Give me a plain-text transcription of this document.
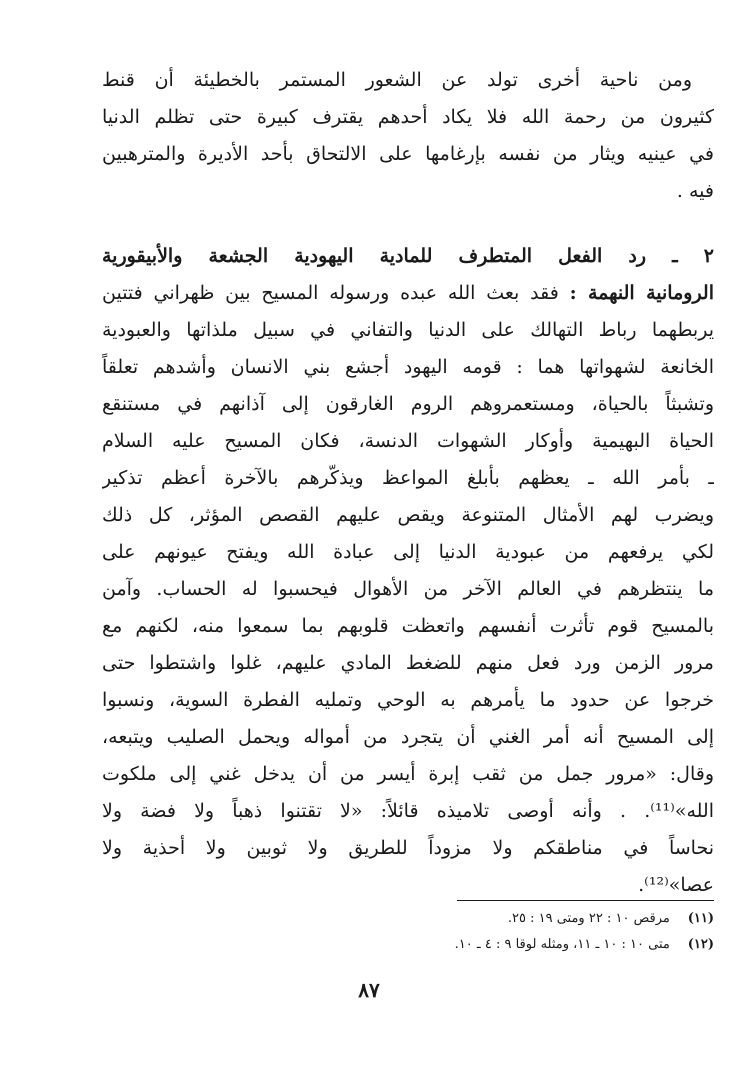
ومن ناحية أخرى تولد عن الشعور المستمر بالخطيئة أن قنط

كثيرون من رحمة الله فلا يكاد أحدهم يقترف كبيرة حتى تظلم الدنيا

في عينيه ويثار من نفسه بإرغامها على الالتحاق بأحد الأديرة والمترهبين

فيه .

٢ ـ رد الفعل المتطرف للمادية اليهودية الجشعة والأبيقورية

الرومانية النهمة : فقد بعث الله عبده ورسوله المسيح بين ظهراني فتتين

يربطهما رباط التهالك على الدنيا والتفاني في سبيل ملذاتها والعبودية

الخانعة لشهواتها هما : قومه اليهود أجشع بني الانسان وأشدهم تعلقاً

وتشبثاً بالحياة، ومستعمروهم الروم الغارقون إلى آذانهم في مستنقع

الحياة البهيمية وأوكار الشهوات الدنسة، فكان المسيح عليه السلام

ـ بأمر الله ـ يعظهم بأبلغ المواعظ ويذكّرهم بالآخرة أعظم تذكير

ويضرب لهم الأمثال المتنوعة ويقص عليهم القصص المؤثر، كل ذلك

لكي يرفعهم من عبودية الدنيا إلى عبادة الله ويفتح عيونهم على

ما ينتظرهم في العالم الآخر من الأهوال فيحسبوا له الحساب. وآمن

بالمسيح قوم تأثرت أنفسهم واتعظت قلوبهم بما سمعوا منه، لكنهم مع

مرور الزمن ورد فعل منهم للضغط المادي عليهم، غلوا واشتطوا حتى

خرجوا عن حدود ما يأمرهم به الوحي وتمليه الفطرة السوية، ونسبوا

إلى المسيح أنه أمر الغني أن يتجرد من أمواله ويحمل الصليب ويتبعه،

وقال: «مرور جمل من ثقب إبرة أيسر من أن يدخل غني إلى ملكوت

الله»⁽¹¹⁾. . وأنه أوصى تلاميذه قائلاً: «لا تقتنوا ذهباً ولا فضة ولا

نحاساً في مناطقكم ولا مزوداً للطريق ولا ثوبين ولا أحذية ولا

عصا»⁽¹²⁾.

(١١) مرقص ١٠ : ٢٢ ومتى ١٩ : ٢٥.
(١٢) متى ١٠ : ١٠ ـ ١١، ومثله لوقا ٩ : ٤ ـ ١٠.
٨٧
